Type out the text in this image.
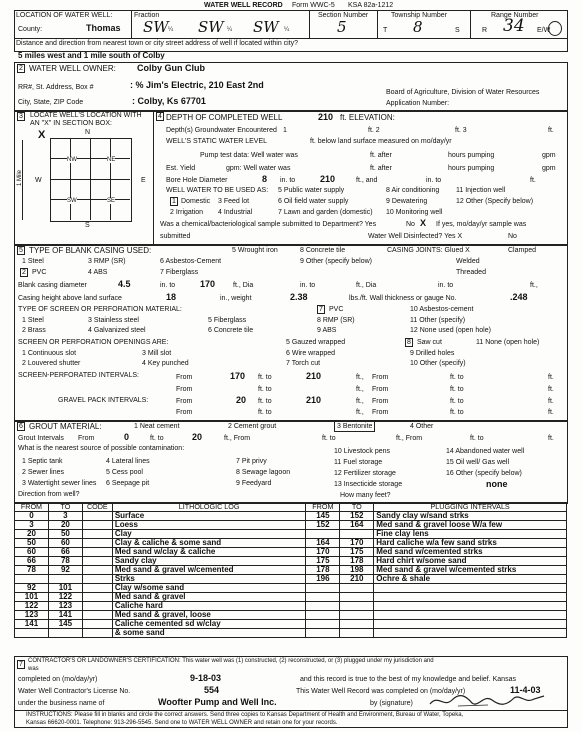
WATER WELL RECORD Form WWC-5 KSA 82a-1212
LOCATION OF WATER WELL:	Fraction	Section Number	Township Number	Range Number
County:	Thomas SW ¼ SW ¼ SW ¼	5	T 8	S	R 34 E/W
Distance and direction from nearest town or city street address of well if located within city?
5 miles west and 1 mile south of Colby
2 WATER WELL OWNER: Colby Gun Club
RR#, St. Address, Box #	: % Jim's Electric, 210 East 2nd
City, State, ZIP Code	: Colby, Ks 67701
Board of Agriculture, Division of Water Resources
Application Number:
3 LOCATE WELL'S LOCATION WITH
AN "X" IN SECTION BOX:
X	N
S
W	E
1 Mile
NW	NE
SW	SE
4 DEPTH OF COMPLETED WELL	210 ft. ELEVATION:
Depth(s) Groundwater Encountered 1	ft. 2	ft. 3	ft.
WELL'S STATIC WATER LEVEL	ft. below land surface measured on mo/day/yr
Pump test data: Well water was	ft. after	hours pumping	gpm
Est. Yield	gpm: Well water was	ft. after	hours pumping	gpm
Bore Hole Diameter	8 in. to	210	ft., and	in. to	ft.
WELL WATER TO BE USED AS: 5 Public water supply	8 Air conditioning 11 Injection well
1 Domestic 3 Feed lot	6 Oil field water supply	9 Dewatering	12 Other (Specify below)
2 Irrigation 4 Industrial	7 Lawn and garden (domestic) 10 Monitoring well
Was a chemical/bacteriological sample submitted to Department? Yes	No X If yes, mo/day/yr sample was
submitted	Water Well Disinfected? Yes X	No
5 TYPE OF BLANK CASING USED:	5 Wrought iron	8 Concrete tile	CASING JOINTS: Glued X	Clamped
1 Steel	3 RMP (SR)	6 Asbestos-Cement	9 Other (specify below)	Welded
2 PVC	4 ABS	7 Fiberglass	Threaded
Blank casing diameter	4.5	in. to	170	ft., Dia	in. to	ft., Dia	in. to	ft.,
Casing height above land surface	18	in., weight	2.38	lbs./ft. Wall thickness or gauge No.	.248
TYPE OF SCREEN OR PERFORATION MATERIAL:	7 PVC	10 Asbestos-cement
1 Steel	3 Stainless steel	5 Fiberglass	8 RMP (SR)	11 Other (specify)
2 Brass	4 Galvanized steel	6 Concrete tile	9 ABS	12 None used (open hole)
SCREEN OR PERFORATION OPENINGS ARE:	5 Gauzed wrapped	8 Saw cut	11 None (open hole)
1 Continuous slot	3 Mill slot	6 Wire wrapped	9 Drilled holes
2 Louvered shutter	4 Key punched	7 Torch cut	10 Other (specify)
SCREEN-PERFORATED INTERVALS:	From	170 ft. to	210	ft., From	ft. to	ft.
From	ft. to	ft., From	ft. to	ft.
GRAVEL PACK INTERVALS:	From	20 ft. to	210	ft., From	ft. to	ft.
From	ft. to	ft., From	ft. to	ft.
6 GROUT MATERIAL:	1 Neat cement	2 Cement grout	3 Bentonite	4 Other
Grout Intervals From	0	ft. to	20	ft., From	ft. to	ft., From	ft. to	ft.
What is the nearest source of possible contamination:	10 Livestock pens	14 Abandoned water well
1 Septic tank	4 Lateral lines	7 Pit privy	11 Fuel storage	15 Oil well/ Gas well
2 Sewer lines	5 Cess pool	8 Sewage lagoon	12 Fertilizer storage	16 Other (specify below)
3 Watertight sewer lines 6 Seepage pit	9 Feedyard	13 Insecticide storage	none
Direction from well?	How many feet?
FROM	TO	CODE	LITHOLOGIC LOG	FROM	TO	PLUGGING INTERVALS
0	3		Surface	145	152	Sandy clay w/sand strks
3	20		Loess	152	164	Med sand & gravel loose W/a few
20	50		Clay			Fine clay lens
50	60		Clay & caliche & some sand	164	170	Hard caliche w/a few sand strks
60	66		Med sand w/clay & caliche	170	175	Med sand w/cemented strks
66	78		Sandy clay	175	178	Hard chirt w/some sand
78	92		Med sand & gravel w/cemented	178	198	Med sand & gravel w/cemented strks
			Strks	196	210	Ochre & shale
92	101		Clay w/some sand			
101	122		Med sand & gravel			
122	123		Caliche hard			
123	141		Med sand & gravel, loose			
141	145		Caliche cemented sd w/clay			
			& some sand			
7 CONTRACTOR'S OR LANDOWNER'S CERTIFICATION: This water well was (1) constructed, (2) reconstructed, or (3) plugged under my jurisdiction and
was
completed on (mo/day/yr)	9-18-03	and this record is true to the best of my knowledge and belief. Kansas
Water Well Contractor's License No.	554	This Water Well Record was completed on (mo/day/yr)	11-4-03
under the business name of	Woofter Pump and Well Inc.	by (signature)
INSTRUCTIONS: Please fill in blanks and circle the correct answers. Send three copies to Kansas Department of Health and Environment, Bureau of Water, Topeka,
Kansas 66620-0001. Telephone: 913-296-5545. Send one to WATER WELL OWNER and retain one for your records.
